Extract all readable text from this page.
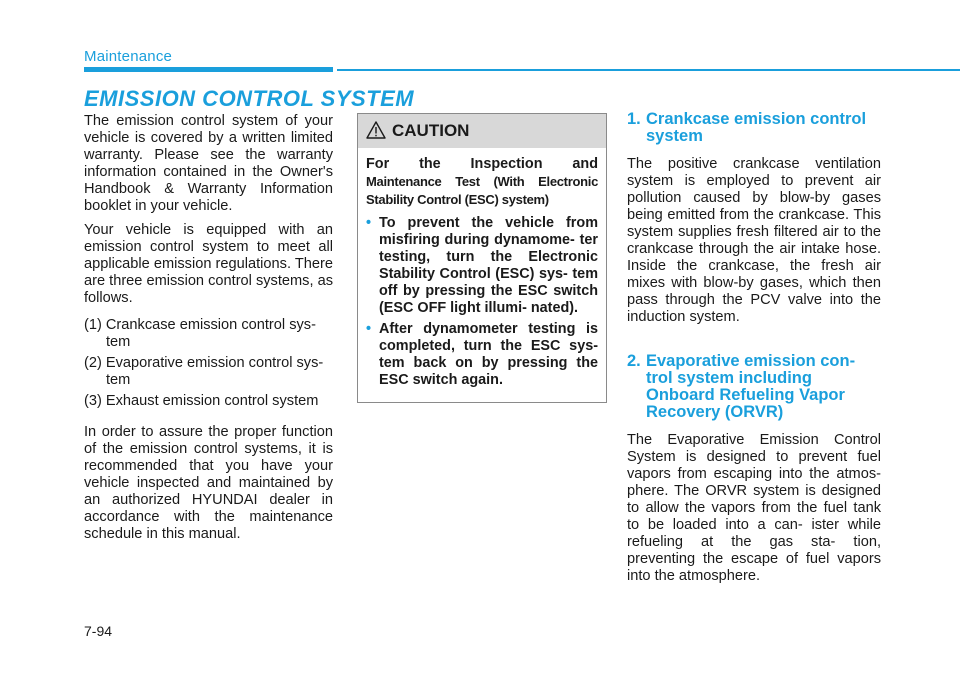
Maintenance
EMISSION CONTROL SYSTEM

The emission control system of your vehicle is covered by a written limited warranty. Please see the warranty information contained in the Owner's Handbook & Warranty Information booklet in your vehicle.

Your vehicle is equipped with an emission control system to meet all applicable emission regulations. There are three emission control systems, as follows.

(1) Crankcase emission control sys- tem
(2) Evaporative emission control sys- tem
(3) Exhaust emission control system

In order to assure the proper function of the emission control systems, it is recommended that you have your vehicle inspected and maintained by an authorized HYUNDAI dealer in accordance with the maintenance schedule in this manual.

CAUTION

For the Inspection and Maintenance Test (With Electronic Stability Control (ESC) system)

• To prevent the vehicle from misfiring during dynamome- ter testing, turn the Electronic Stability Control (ESC) sys- tem off by pressing the ESC switch (ESC OFF light illumi- nated).
• After dynamometer testing is completed, turn the ESC sys- tem back on by pressing the ESC switch again.
1. Crankcase emission control
system

The positive crankcase ventilation system is employed to prevent air pollution caused by blow-by gases being emitted from the crankcase. This system supplies fresh filtered air to the crankcase through the air intake hose. Inside the crankcase, the fresh air mixes with blow-by gases, which then pass through the PCV valve into the induction system.

2. Evaporative emission con-
trol system including
Onboard Refueling Vapor
Recovery (ORVR)

The Evaporative Emission Control System is designed to prevent fuel vapors from escaping into the atmos- phere. The ORVR system is designed to allow the vapors from the fuel tank to be loaded into a can- ister while refueling at the gas sta- tion, preventing the escape of fuel vapors into the atmosphere.

7-94
